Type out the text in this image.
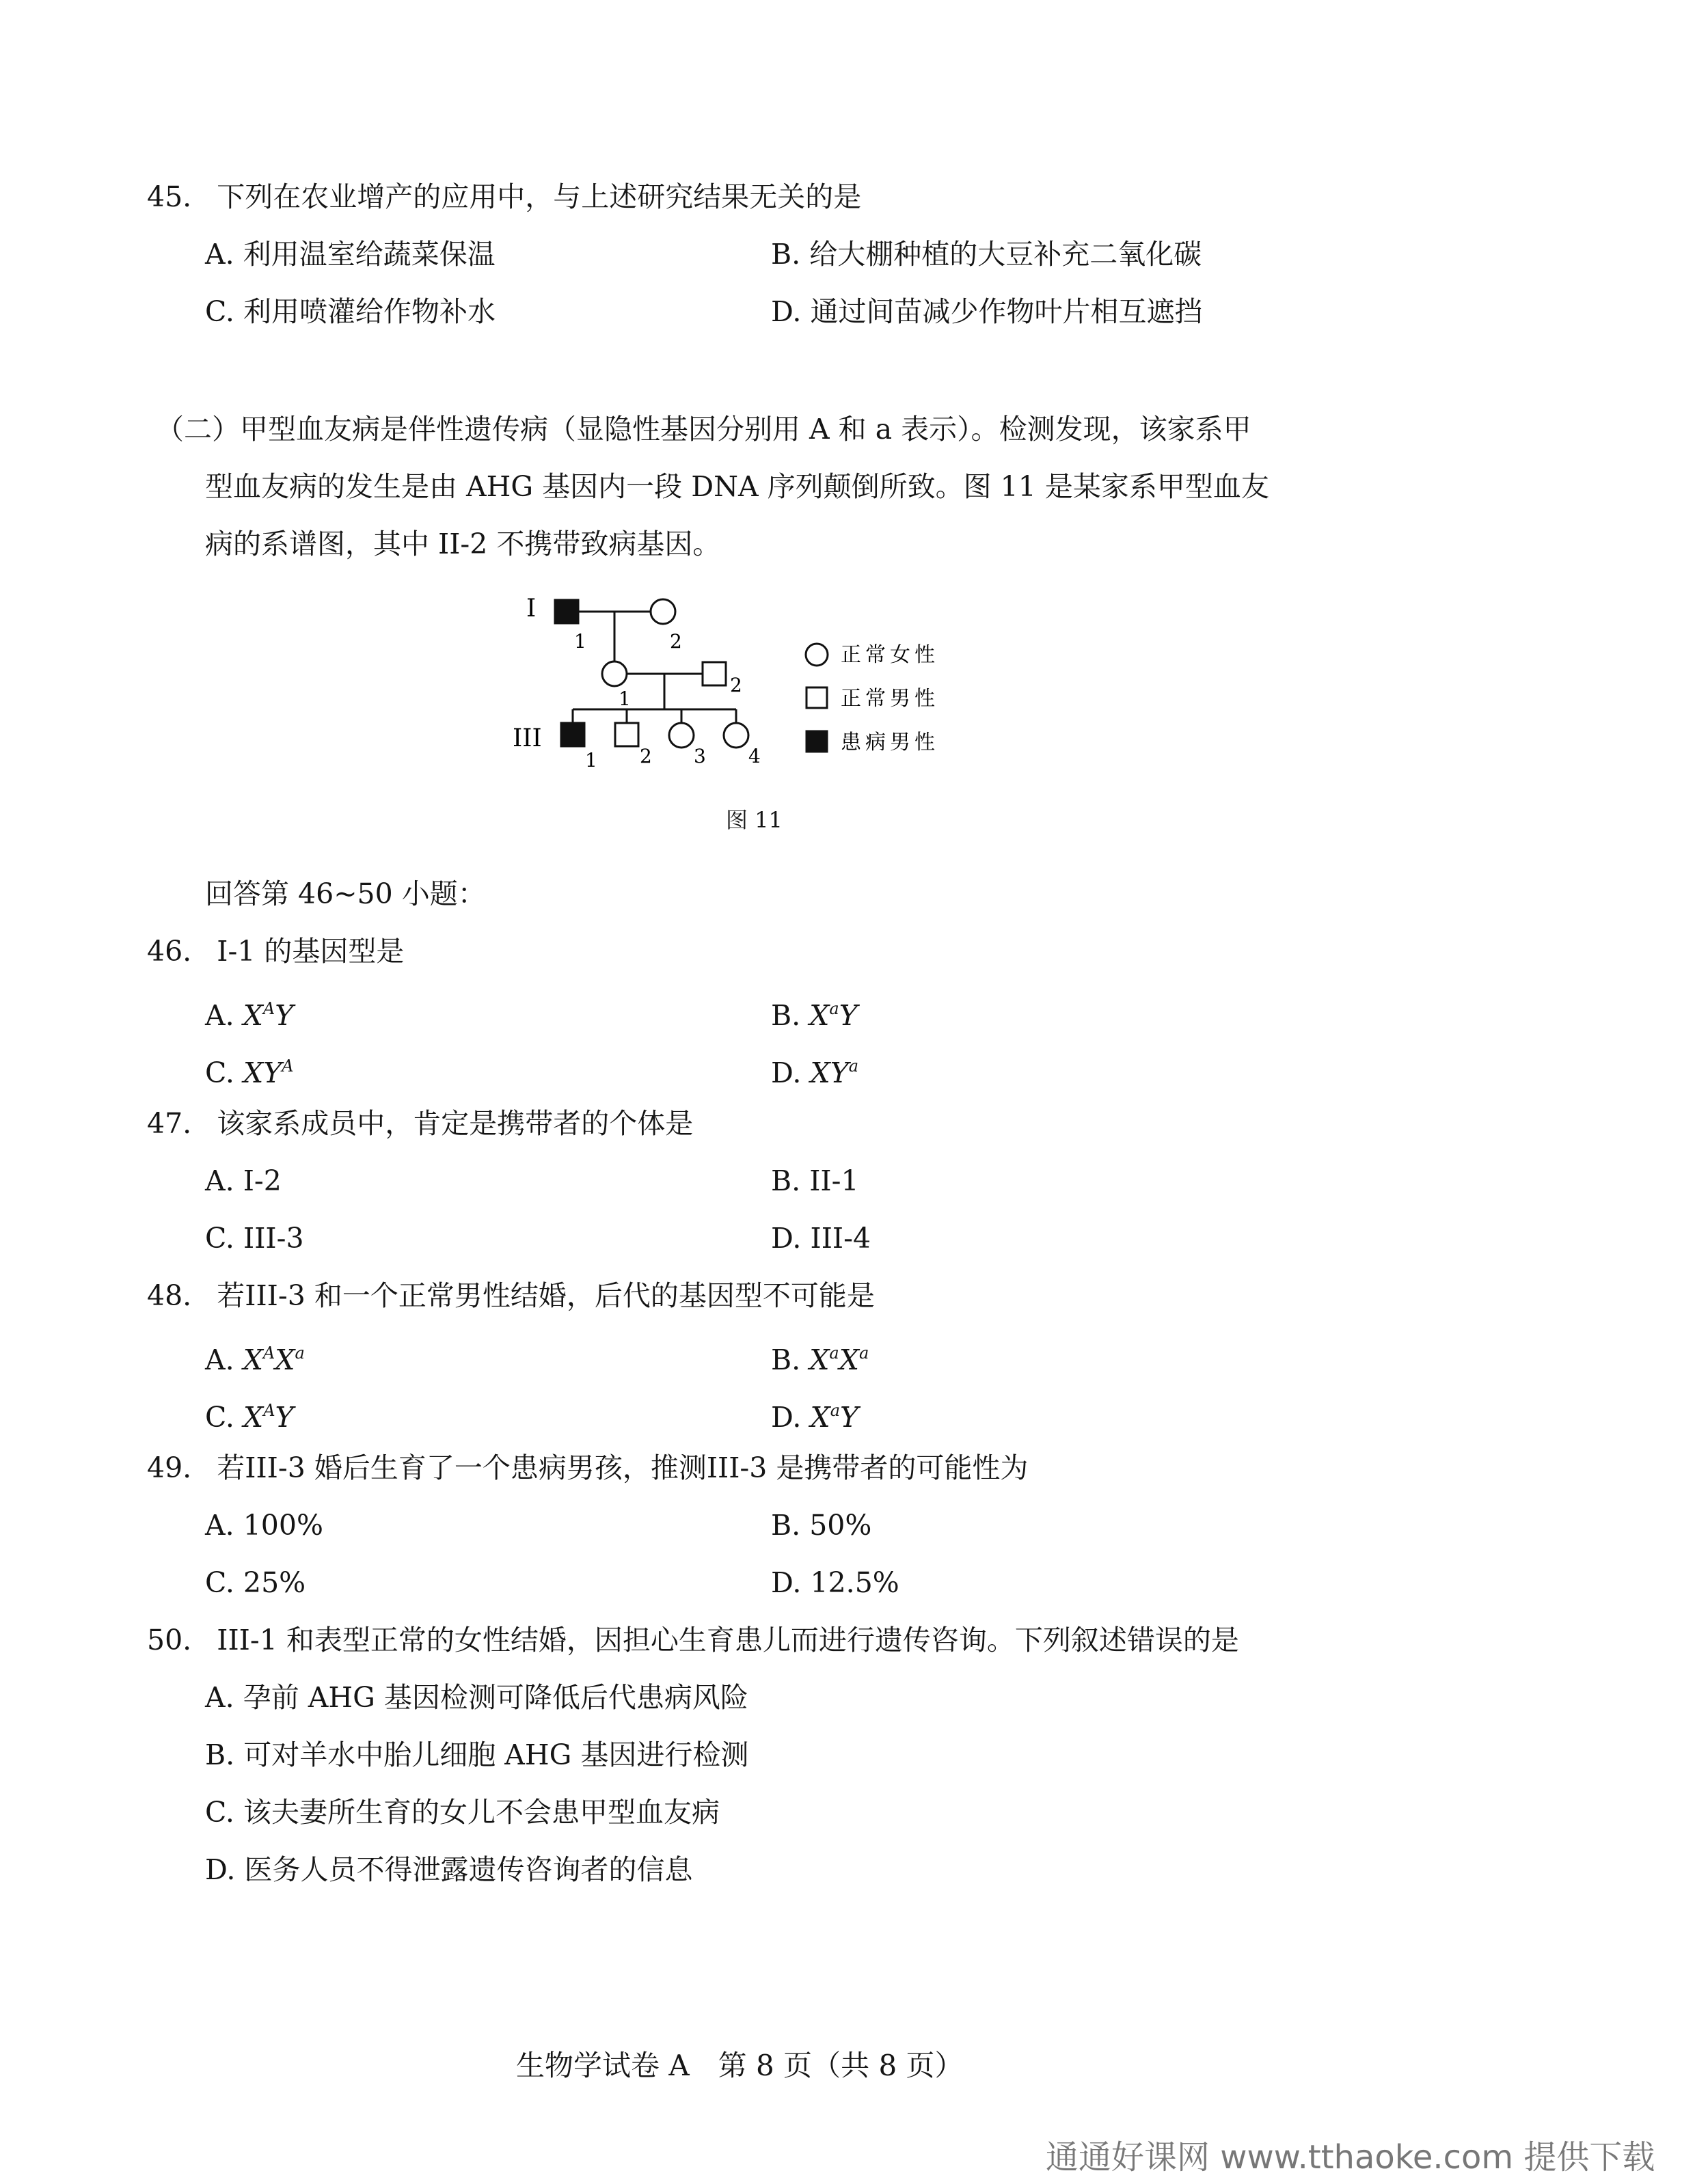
45. 下列在农业增产的应用中，与上述研究结果无关的是
A. 利用温室给蔬菜保温	B. 给大棚种植的大豆补充二氧化碳
C. 利用喷灌给作物补水	D. 通过间苗减少作物叶片相互遮挡
（二）甲型血友病是伴性遗传病（显隐性基因分别用 A 和 a 表示）。检测发现，该家系甲
型血友病的发生是由 AHG 基因内一段 DNA 序列颠倒所致。图 11 是某家系甲型血友
病的系谱图，其中 II-2 不携带致病基因。
I
III
1	2
1
2
1 2 3 4
正常女性
正常男性
患病男性
图 11
回答第 46~50 小题：
46. I-1 的基因型是
A. $X^AY$	B. $X^aY$
C. $XY^A$	D. $XY^a$
47. 该家系成员中，肯定是携带者的个体是
A. I-2	B. II-1
C. III-3	D. III-4
48. 若III-3 和一个正常男性结婚，后代的基因型不可能是
A. $X^AX^a$	B. $X^aX^a$
C. $X^AY$	D. $X^aY$
49. 若III-3 婚后生育了一个患病男孩，推测III-3 是携带者的可能性为
A. 100%	B. 50%
C. 25%	D. 12.5%
50. III-1 和表型正常的女性结婚，因担心生育患儿而进行遗传咨询。下列叙述错误的是
A. 孕前 AHG 基因检测可降低后代患病风险
B. 可对羊水中胎儿细胞 AHG 基因进行检测
C. 该夫妻所生育的女儿不会患甲型血友病
D. 医务人员不得泄露遗传咨询者的信息
生物学试卷 A　第 8 页（共 8 页）
通通好课网 www.tthaoke.com 提供下载
